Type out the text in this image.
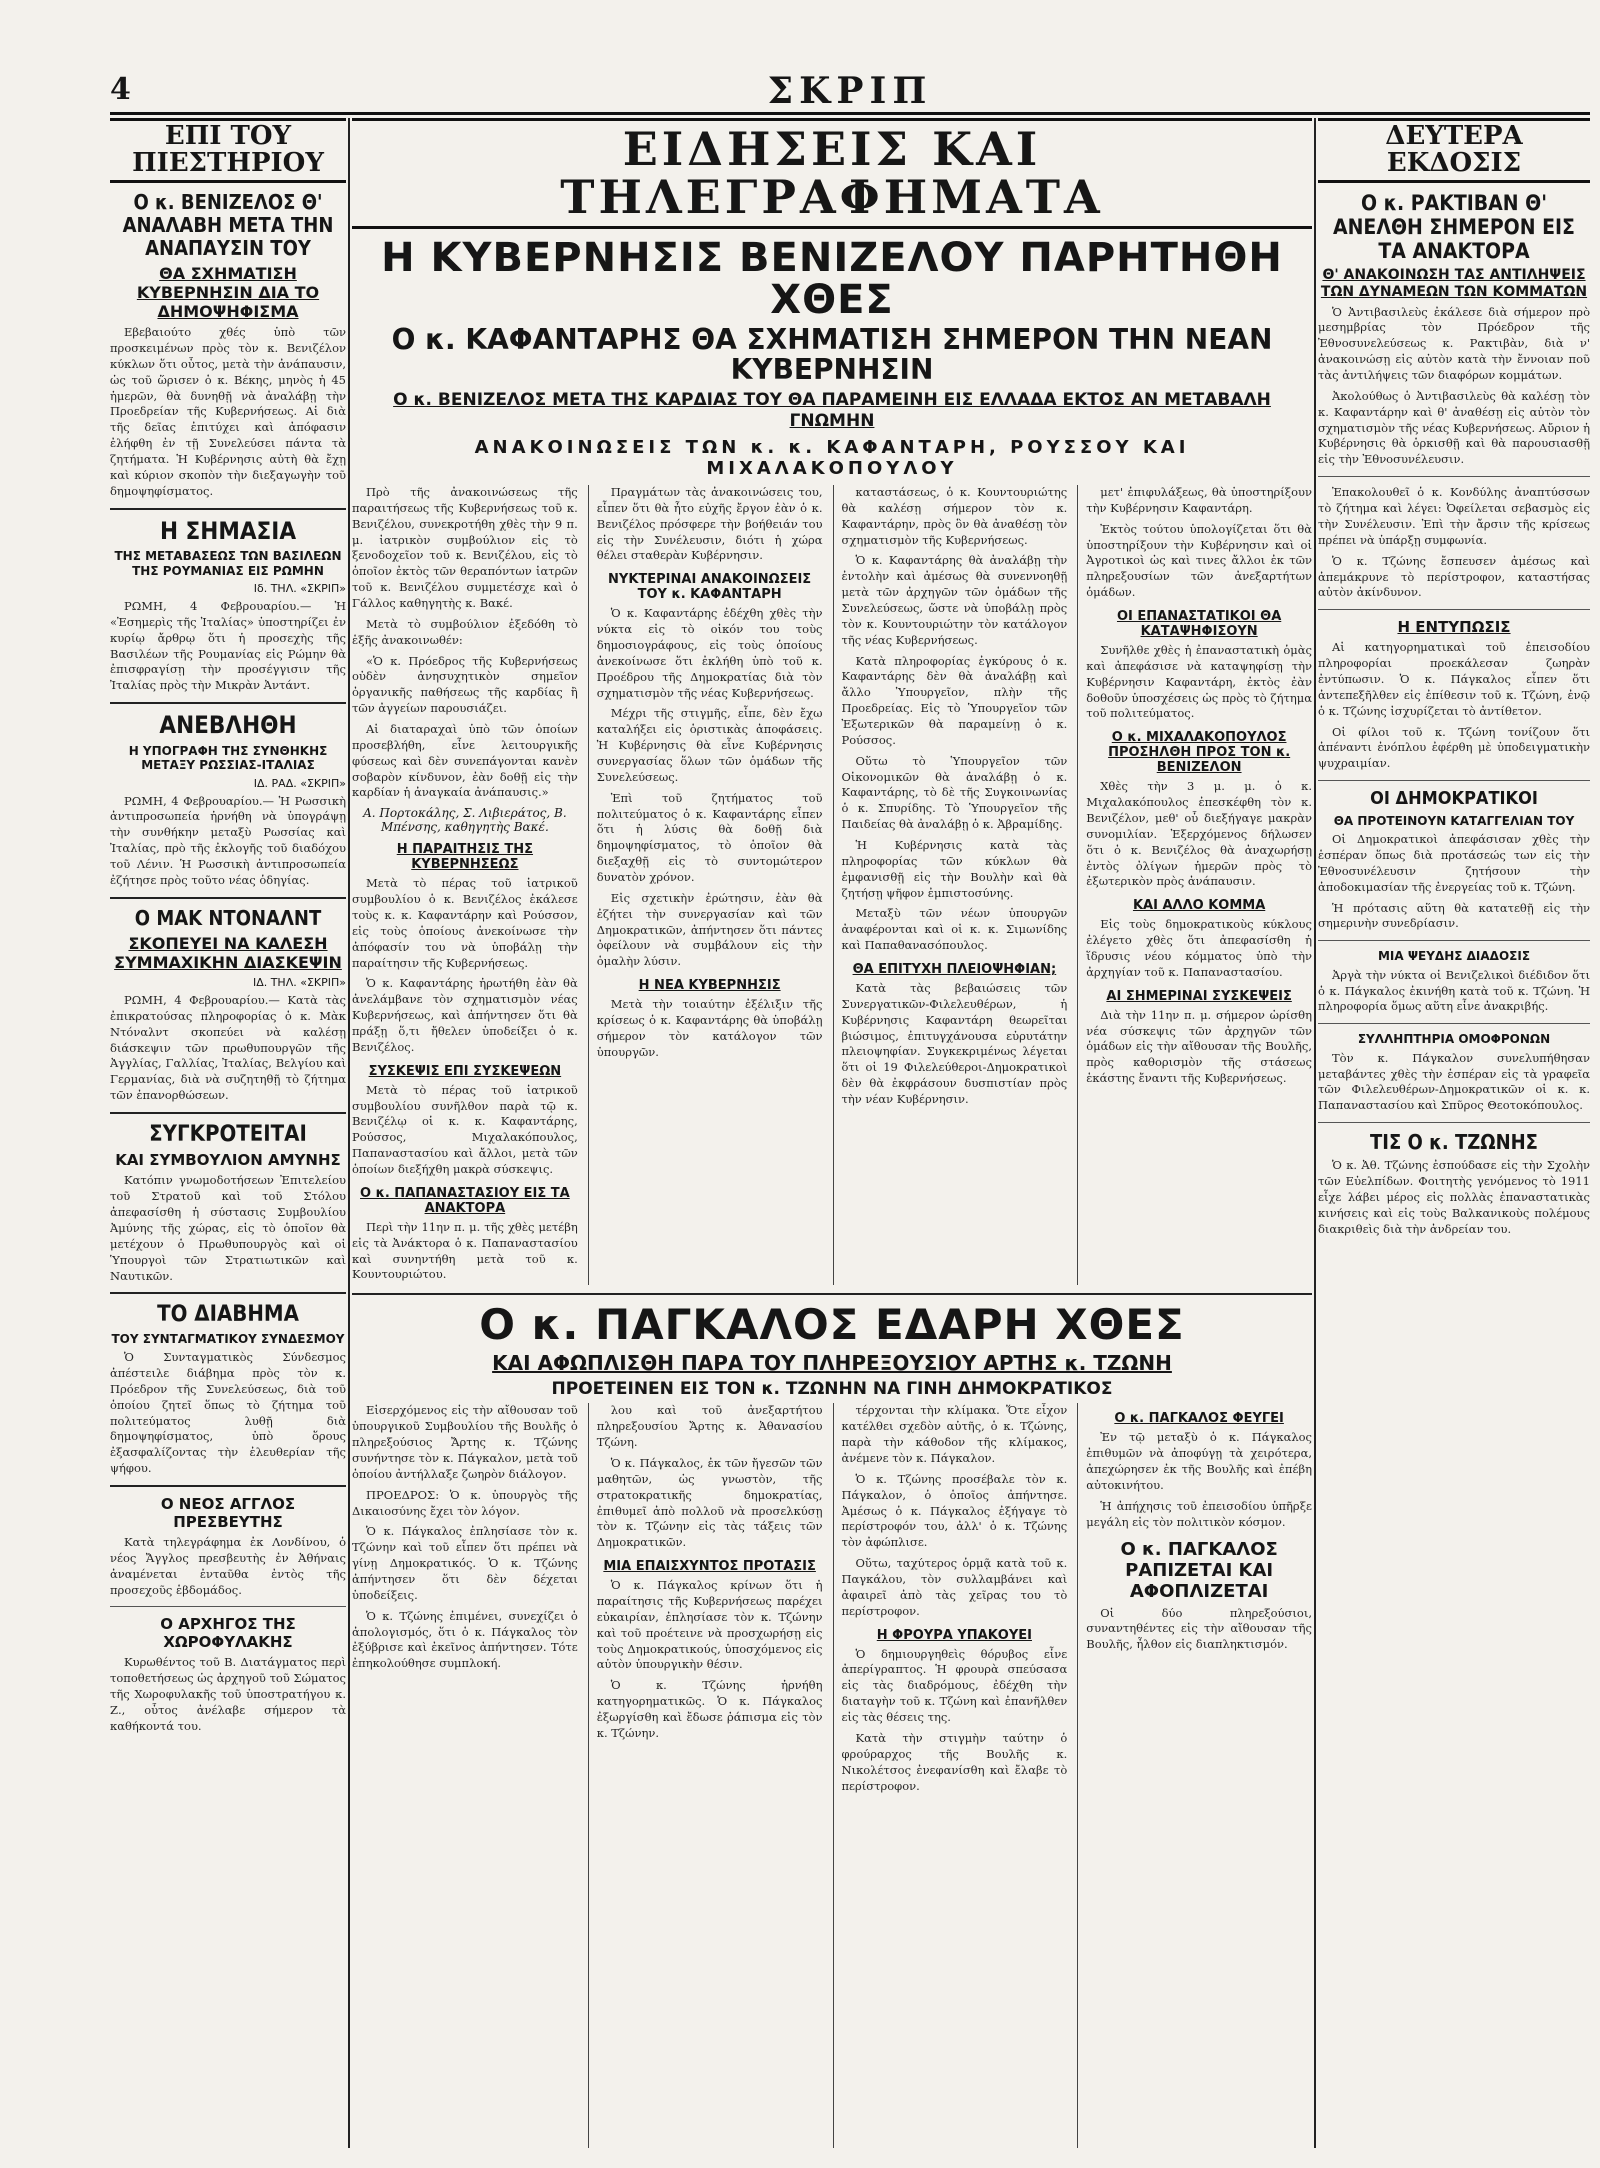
4	ΣΚΡΙΠ
ΕΠΙ ΤΟΥ ΠΙΕΣΤΗΡΙΟΥ
Ο κ. ΒΕΝΙΖΕΛΟΣ Θ' ΑΝΑΛΑΒΗ ΜΕΤΑ ΤΗΝ ΑΝΑΠΑΥΣΙΝ ΤΟΥ
ΘΑ ΣΧΗΜΑΤΙΣΗ ΚΥΒΕΡΝΗΣΙΝ ΔΙΑ ΤΟ ΔΗΜΟΨΗΦΙΣΜΑ

Εβεβαιούτο χθές ὑπὸ τῶν προσκειμένων πρὸς τὸν κ. Βενιζέλον κύκλων ὅτι οὗτος, μετὰ τὴν ἀνάπαυσιν, ὡς τοῦ ὥρισεν ὁ κ. Βέκης, μηνὸς ἡ 45 ἡμερῶν, θὰ δυνηθῇ νὰ ἀναλάβῃ τὴν Προεδρείαν τῆς Κυβερνήσεως. Αἱ διὰ τῆς δεῖας ἐπιτύχει καὶ ἀπόφασιν ἐλήφθη ἐν τῇ Συνελεύσει πάντα τὰ ζητήματα. Ἡ Κυβέρνησις αὐτὴ θὰ ἔχῃ καὶ κύριον σκοπὸν τὴν διεξαγωγὴν τοῦ δημοψηφίσματος.

Η ΣΗΜΑΣΙΑ
ΤΗΣ ΜΕΤΑΒΑΣΕΩΣ ΤΩΝ ΒΑΣΙΛΕΩΝ ΤΗΣ ΡΟΥΜΑΝΙΑΣ ΕΙΣ ΡΩΜΗΝ
Ιδ. ΤΗΛ. «ΣΚΡΙΠ»

ΡΩΜΗ, 4 Φεβρουαρίου.— Ἡ «Ἐσημερὶς τῆς Ἰταλίας» ὑποστηρίζει ἐν κυρίῳ ἄρθρῳ ὅτι ἡ προσεχὴς τῆς Βασιλέων τῆς Ρουμανίας εἰς Ρώμην θὰ ἐπισφραγίσῃ τὴν προσέγγισιν τῆς Ἰταλίας πρὸς τὴν Μικρὰν Ἀντάντ.

ΑΝΕΒΛΗΘΗ
Η ΥΠΟΓΡΑΦΗ ΤΗΣ ΣΥΝΘΗΚΗΣ ΜΕΤΑΞΥ ΡΩΣΣΙΑΣ-ΙΤΑΛΙΑΣ
ΙΔ. ΡΑΔ. «ΣΚΡΙΠ»

ΡΩΜΗ, 4 Φεβρουαρίου.— Ἡ Ρωσσικὴ ἀντιπροσωπεία ἠρνήθη νὰ ὑπογράψῃ τὴν συνθήκην μεταξὺ Ρωσσίας καὶ Ἰταλίας, πρὸ τῆς ἐκλογῆς τοῦ διαδόχου τοῦ Λένιν. Ἡ Ρωσσικὴ ἀντιπροσωπεία ἐζήτησε πρὸς τοῦτο νέας ὁδηγίας.

Ο ΜΑΚ ΝΤΟΝΑΛΝΤ
ΣΚΟΠΕΥΕΙ ΝΑ ΚΑΛΕΣΗ ΣΥΜΜΑΧΙΚΗΝ ΔΙΑΣΚΕΨΙΝ
ΙΔ. ΤΗΛ. «ΣΚΡΙΠ»

ΡΩΜΗ, 4 Φεβρουαρίου.— Κατὰ τὰς ἐπικρατούσας πληροφορίας ὁ κ. Μὰκ Ντόναλντ σκοπεύει νὰ καλέσῃ διάσκεψιν τῶν πρωθυπουργῶν τῆς Ἀγγλίας, Γαλλίας, Ἰταλίας, Βελγίου καὶ Γερμανίας, διὰ νὰ συζητηθῇ τὸ ζήτημα τῶν ἐπανορθώσεων.

ΣΥΓΚΡΟΤΕΙΤΑΙ
ΚΑΙ ΣΥΜΒΟΥΛΙΟΝ ΑΜΥΝΗΣ

Κατόπιν γνωμοδοτήσεων Ἐπιτελείου τοῦ Στρατοῦ καὶ τοῦ Στόλου ἀπεφασίσθη ἡ σύστασις Συμβουλίου Ἀμύνης τῆς χώρας, εἰς τὸ ὁποῖον θὰ μετέχουν ὁ Πρωθυπουργὸς καὶ οἱ Ὑπουργοὶ τῶν Στρατιωτικῶν καὶ Ναυτικῶν.

ΤΟ ΔΙΑΒΗΜΑ
ΤΟΥ ΣΥΝΤΑΓΜΑΤΙΚΟΥ ΣΥΝΔΕΣΜΟΥ

Ὁ Συνταγματικὸς Σύνδεσμος ἀπέστειλε διάβημα πρὸς τὸν κ. Πρόεδρον τῆς Συνελεύσεως, διὰ τοῦ ὁποίου ζητεῖ ὅπως τὸ ζήτημα τοῦ πολιτεύματος λυθῇ διὰ δημοψηφίσματος, ὑπὸ ὅρους ἐξασφαλίζοντας τὴν ἐλευθερίαν τῆς ψήφου.

Ο ΝΕΟΣ ΑΓΓΛΟΣ ΠΡΕΣΒΕΥΤΗΣ

Κατὰ τηλεγράφημα ἐκ Λονδίνου, ὁ νέος Ἄγγλος πρεσβευτὴς ἐν Ἀθήναις ἀναμένεται ἐνταῦθα ἐντὸς τῆς προσεχοῦς ἑβδομάδος.

Ο ΑΡΧΗΓΟΣ ΤΗΣ ΧΩΡΟΦΥΛΑΚΗΣ

Κυρωθέντος τοῦ Β. Διατάγματος περὶ τοποθετήσεως ὡς ἀρχηγοῦ τοῦ Σώματος τῆς Χωροφυλακῆς τοῦ ὑποστρατήγου κ. Ζ., οὗτος ἀνέλαβε σήμερον τὰ καθήκοντά του.

ΕΙΔΗΣΕΙΣ ΚΑΙ ΤΗΛΕΓΡΑΦΗΜΑΤΑ
Η ΚΥΒΕΡΝΗΣΙΣ ΒΕΝΙΖΕΛΟΥ ΠΑΡΗΤΗΘΗ ΧΘΕΣ
Ο κ. ΚΑΦΑΝΤΑΡΗΣ ΘΑ ΣΧΗΜΑΤΙΣΗ ΣΗΜΕΡΟΝ ΤΗΝ ΝΕΑΝ ΚΥΒΕΡΝΗΣΙΝ
Ο κ. ΒΕΝΙΖΕΛΟΣ ΜΕΤΑ ΤΗΣ ΚΑΡΔΙΑΣ ΤΟΥ ΘΑ ΠΑΡΑΜΕΙΝΗ ΕΙΣ ΕΛΛΑΔΑ ΕΚΤΟΣ ΑΝ ΜΕΤΑΒΑΛΗ ΓΝΩΜΗΝ
ΑΝΑΚΟΙΝΩΣΕΙΣ ΤΩΝ κ. κ. ΚΑΦΑΝΤΑΡΗ, ΡΟΥΣΣΟΥ ΚΑΙ ΜΙΧΑΛΑΚΟΠΟΥΛΟΥ

Πρὸ τῆς ἀνακοινώσεως τῆς παραιτήσεως τῆς Κυβερνήσεως τοῦ κ. Βενιζέλου, συνεκροτήθη χθὲς τὴν 9 π. μ. ἰατρικὸν συμβούλιον εἰς τὸ ξενοδοχεῖον τοῦ κ. Βενιζέλου, εἰς τὸ ὁποῖον ἐκτὸς τῶν θεραπόντων ἰατρῶν τοῦ κ. Βενιζέλου συμμετέσχε καὶ ὁ Γάλλος καθηγητὴς κ. Βακέ.

Μετὰ τὸ συμβούλιον ἐξεδόθη τὸ ἑξῆς ἀνακοινωθέν:

«Ὁ κ. Πρόεδρος τῆς Κυβερνήσεως οὐδὲν ἀνησυχητικὸν σημεῖον ὀργανικῆς παθήσεως τῆς καρδίας ἢ τῶν ἀγγείων παρουσιάζει.

Αἱ διαταραχαὶ ὑπὸ τῶν ὁποίων προσεβλήθη, εἶνε λειτουργικῆς φύσεως καὶ δὲν συνεπάγονται κανὲν σοβαρὸν κίνδυνον, ἐὰν δοθῇ εἰς τὴν καρδίαν ἡ ἀναγκαία ἀνάπαυσις.»

Α. Πορτοκάλης, Σ. Λιβιεράτος, Β. Μπένσης, καθηγητὴς Βακέ.
Η ΠΑΡΑΙΤΗΣΙΣ ΤΗΣ ΚΥΒΕΡΝΗΣΕΩΣ

Μετὰ τὸ πέρας τοῦ ἰατρικοῦ συμβουλίου ὁ κ. Βενιζέλος ἐκάλεσε τοὺς κ. κ. Καφαντάρην καὶ Ρούσσον, εἰς τοὺς ὁποίους ἀνεκοίνωσε τὴν ἀπόφασίν του νὰ ὑποβάλῃ τὴν παραίτησιν τῆς Κυβερνήσεως.

Ὁ κ. Καφαντάρης ἠρωτήθη ἐὰν θὰ ἀνελάμβανε τὸν σχηματισμὸν νέας Κυβερνήσεως, καὶ ἀπήντησεν ὅτι θὰ πράξῃ ὅ,τι ἤθελεν ὑποδείξει ὁ κ. Βενιζέλος.

ΣΥΣΚΕΨΙΣ ΕΠΙ ΣΥΣΚΕΨΕΩΝ

Μετὰ τὸ πέρας τοῦ ἰατρικοῦ συμβουλίου συνῆλθον παρὰ τῷ κ. Βενιζέλῳ οἱ κ. κ. Καφαντάρης, Ρούσσος, Μιχαλακόπουλος, Παπαναστασίου καὶ ἄλλοι, μετὰ τῶν ὁποίων διεξήχθη μακρὰ σύσκεψις.

Ο κ. ΠΑΠΑΝΑΣΤΑΣΙΟΥ ΕΙΣ ΤΑ ΑΝΑΚΤΟΡΑ

Περὶ τὴν 11ην π. μ. τῆς χθὲς μετέβη εἰς τὰ Ἀνάκτορα ὁ κ. Παπαναστασίου καὶ συνηντήθη μετὰ τοῦ κ. Κουντουριώτου.

Πραγμάτων τὰς ἀνακοινώσεις του, εἶπεν ὅτι θὰ ἦτο εὐχῆς ἔργον ἐὰν ὁ κ. Βενιζέλος πρόσφερε τὴν βοήθειάν του εἰς τὴν Συνέλευσιν, διότι ἡ χώρα θέλει σταθερὰν Κυβέρνησιν.

ΝΥΚΤΕΡΙΝΑΙ ΑΝΑΚΟΙΝΩΣΕΙΣ ΤΟΥ κ. ΚΑΦΑΝΤΑΡΗ

Ὁ κ. Καφαντάρης ἐδέχθη χθὲς τὴν νύκτα εἰς τὸ οἰκόν του τοὺς δημοσιογράφους, εἰς τοὺς ὁποίους ἀνεκοίνωσε ὅτι ἐκλήθη ὑπὸ τοῦ κ. Προέδρου τῆς Δημοκρατίας διὰ τὸν σχηματισμὸν τῆς νέας Κυβερνήσεως.

Μέχρι τῆς στιγμῆς, εἶπε, δὲν ἔχω καταλήξει εἰς ὁριστικὰς ἀποφάσεις. Ἡ Κυβέρνησις θὰ εἶνε Κυβέρνησις συνεργασίας ὅλων τῶν ὁμάδων τῆς Συνελεύσεως.

Ἐπὶ τοῦ ζητήματος τοῦ πολιτεύματος ὁ κ. Καφαντάρης εἶπεν ὅτι ἡ λύσις θὰ δοθῇ διὰ δημοψηφίσματος, τὸ ὁποῖον θὰ διεξαχθῇ εἰς τὸ συντομώτερον δυνατὸν χρόνον.

Εἰς σχετικὴν ἐρώτησιν, ἐὰν θὰ ἐζήτει τὴν συνεργασίαν καὶ τῶν Δημοκρατικῶν, ἀπήντησεν ὅτι πάντες ὀφείλουν νὰ συμβάλουν εἰς τὴν ὁμαλὴν λύσιν.

Η ΝΕΑ ΚΥΒΕΡΝΗΣΙΣ

Μετὰ τὴν τοιαύτην ἐξέλιξιν τῆς κρίσεως ὁ κ. Καφαντάρης θὰ ὑποβάλῃ σήμερον τὸν κατάλογον τῶν ὑπουργῶν.

καταστάσεως, ὁ κ. Κουντουριώτης θὰ καλέσῃ σήμερον τὸν κ. Καφαντάρην, πρὸς ὃν θὰ ἀναθέσῃ τὸν σχηματισμὸν τῆς Κυβερνήσεως.

Ὁ κ. Καφαντάρης θὰ ἀναλάβῃ τὴν ἐντολὴν καὶ ἀμέσως θὰ συνεννοηθῇ μετὰ τῶν ἀρχηγῶν τῶν ὁμάδων τῆς Συνελεύσεως, ὥστε νὰ ὑποβάλῃ πρὸς τὸν κ. Κουντουριώτην τὸν κατάλογον τῆς νέας Κυβερνήσεως.

Κατὰ πληροφορίας ἐγκύρους ὁ κ. Καφαντάρης δὲν θὰ ἀναλάβῃ καὶ ἄλλο Ὑπουργεῖον, πλὴν τῆς Προεδρείας. Εἰς τὸ Ὑπουργεῖον τῶν Ἐξωτερικῶν θὰ παραμείνῃ ὁ κ. Ρούσσος.

Οὕτω τὸ Ὑπουργεῖον τῶν Οἰκονομικῶν θὰ ἀναλάβῃ ὁ κ. Καφαντάρης, τὸ δὲ τῆς Συγκοινωνίας ὁ κ. Σπυρίδης. Τὸ Ὑπουργεῖον τῆς Παιδείας θὰ ἀναλάβῃ ὁ κ. Ἀβραμίδης.

Ἡ Κυβέρνησις κατὰ τὰς πληροφορίας τῶν κύκλων θὰ ἐμφανισθῇ εἰς τὴν Βουλὴν καὶ θὰ ζητήσῃ ψῆφον ἐμπιστοσύνης.

Μεταξὺ τῶν νέων ὑπουργῶν ἀναφέρονται καὶ οἱ κ. κ. Σιμωνίδης καὶ Παπαθανασόπουλος.

ΘΑ ΕΠΙΤΥΧΗ ΠΛΕΙΟΨΗΦΙΑΝ;

Κατὰ τὰς βεβαιώσεις τῶν Συνεργατικῶν-Φιλελευθέρων, ἡ Κυβέρνησις Καφαντάρη θεωρεῖται βιώσιμος, ἐπιτυγχάνουσα εὐρυτάτην πλειοψηφίαν. Συγκεκριμένως λέγεται ὅτι οἱ 19 Φιλελεύθεροι-Δημοκρατικοὶ δὲν θὰ ἐκφράσουν δυσπιστίαν πρὸς τὴν νέαν Κυβέρνησιν.

μετ' ἐπιφυλάξεως, θὰ ὑποστηρίξουν τὴν Κυβέρνησιν Καφαντάρη.

Ἐκτὸς τούτου ὑπολογίζεται ὅτι θὰ ὑποστηρίξουν τὴν Κυβέρνησιν καὶ οἱ Ἀγροτικοὶ ὡς καὶ τινες ἄλλοι ἐκ τῶν πληρεξουσίων τῶν ἀνεξαρτήτων ὁμάδων.

ΟΙ ΕΠΑΝΑΣΤΑΤΙΚΟΙ ΘΑ ΚΑΤΑΨΗΦΙΣΟΥΝ

Συνῆλθε χθὲς ἡ ἐπαναστατικὴ ὁμὰς καὶ ἀπεφάσισε νὰ καταψηφίσῃ τὴν Κυβέρνησιν Καφαντάρη, ἐκτὸς ἐὰν δοθοῦν ὑποσχέσεις ὡς πρὸς τὸ ζήτημα τοῦ πολιτεύματος.

Ο κ. ΜΙΧΑΛΑΚΟΠΟΥΛΟΣ ΠΡΟΣΗΛΘΗ ΠΡΟΣ ΤΟΝ κ. ΒΕΝΙΖΕΛΟΝ

Χθὲς τὴν 3 μ. μ. ὁ κ. Μιχαλακόπουλος ἐπεσκέφθη τὸν κ. Βενιζέλον, μεθ' οὗ διεξήγαγε μακρὰν συνομιλίαν. Ἐξερχόμενος δήλωσεν ὅτι ὁ κ. Βενιζέλος θὰ ἀναχωρήσῃ ἐντὸς ὀλίγων ἡμερῶν πρὸς τὸ ἐξωτερικὸν πρὸς ἀνάπαυσιν.

ΚΑΙ ΑΛΛΟ ΚΟΜΜΑ

Εἰς τοὺς δημοκρατικοὺς κύκλους ἐλέγετο χθὲς ὅτι ἀπεφασίσθη ἡ ἵδρυσις νέου κόμματος ὑπὸ τὴν ἀρχηγίαν τοῦ κ. Παπαναστασίου.

ΑΙ ΣΗΜΕΡΙΝΑΙ ΣΥΣΚΕΨΕΙΣ

Διὰ τὴν 11ην π. μ. σήμερον ὡρίσθη νέα σύσκεψις τῶν ἀρχηγῶν τῶν ὁμάδων εἰς τὴν αἴθουσαν τῆς Βουλῆς, πρὸς καθορισμὸν τῆς στάσεως ἑκάστης ἔναντι τῆς Κυβερνήσεως.

Ο κ. ΠΑΓΚΑΛΟΣ ΕΔΑΡΗ ΧΘΕΣ
ΚΑΙ ΑΦΩΠΛΙΣΘΗ ΠΑΡΑ ΤΟΥ ΠΛΗΡΕΞΟΥΣΙΟΥ ΑΡΤΗΣ κ. ΤΖΩΝΗ
ΠΡΟΕΤΕΙΝΕΝ ΕΙΣ ΤΟΝ κ. ΤΖΩΝΗΝ ΝΑ ΓΙΝΗ ΔΗΜΟΚΡΑΤΙΚΟΣ

Εἰσερχόμενος εἰς τὴν αἴθουσαν τοῦ ὑπουργικοῦ Συμβουλίου τῆς Βουλῆς ὁ πληρεξούσιος Ἄρτης κ. Τζώνης συνήντησε τὸν κ. Πάγκαλον, μετὰ τοῦ ὁποίου ἀντήλλαξε ζωηρὸν διάλογον.

ΠΡΟΕΔΡΟΣ: Ὁ κ. ὑπουργὸς τῆς Δικαιοσύνης ἔχει τὸν λόγον.

Ὁ κ. Πάγκαλος ἐπλησίασε τὸν κ. Τζώνην καὶ τοῦ εἶπεν ὅτι πρέπει νὰ γίνῃ Δημοκρατικός. Ὁ κ. Τζώνης ἀπήντησεν ὅτι δὲν δέχεται ὑποδείξεις.

Ὁ κ. Τζώνης ἐπιμένει, συνεχίζει ὁ ἀπολογισμός, ὅτι ὁ κ. Πάγκαλος τὸν ἐξύβρισε καὶ ἐκεῖνος ἀπήντησεν. Τότε ἐπηκολούθησε συμπλοκή.

λου καὶ τοῦ ἀνεξαρτήτου πληρεξουσίου Ἄρτης κ. Ἀθανασίου Τζώνη.

Ὁ κ. Πάγκαλος, ἐκ τῶν ἤγεσῶν τῶν μαθητῶν, ὡς γνωστὸν, τῆς στρατοκρατικῆς δημοκρατίας, ἐπιθυμεῖ ἀπὸ πολλοῦ νὰ προσελκύσῃ τὸν κ. Τζώνην εἰς τὰς τάξεις τῶν Δημοκρατικῶν.

ΜΙΑ ΕΠΑΙΣΧΥΝΤΟΣ ΠΡΟΤΑΣΙΣ

Ὁ κ. Πάγκαλος κρίνων ὅτι ἡ παραίτησις τῆς Κυβερνήσεως παρέχει εὐκαιρίαν, ἐπλησίασε τὸν κ. Τζώνην καὶ τοῦ προέτεινε νὰ προσχωρήσῃ εἰς τοὺς Δημοκρατικούς, ὑποσχόμενος εἰς αὐτὸν ὑπουργικὴν θέσιν.

Ὁ κ. Τζώνης ἠρνήθη κατηγορηματικῶς. Ὁ κ. Πάγκαλος ἐξωργίσθη καὶ ἔδωσε ῥάπισμα εἰς τὸν κ. Τζώνην.

τέρχονται τὴν κλίμακα. Ὅτε εἶχον κατέλθει σχεδὸν αὐτῆς, ὁ κ. Τζώνης, παρὰ τὴν κάθοδον τῆς κλίμακος, ἀνέμενε τὸν κ. Πάγκαλον.

Ὁ κ. Τζώνης προσέβαλε τὸν κ. Πάγκαλον, ὁ ὁποῖος ἀπήντησε. Ἀμέσως ὁ κ. Πάγκαλος ἐξήγαγε τὸ περίστροφόν του, ἀλλ' ὁ κ. Τζώνης τὸν ἀφώπλισε.

Οὕτω, ταχύτερος ὁρμᾷ κατὰ τοῦ κ. Παγκάλου, τὸν συλλαμβάνει καὶ ἀφαιρεῖ ἀπὸ τὰς χεῖρας του τὸ περίστροφον.

Η ΦΡΟΥΡΑ ΥΠΑΚΟΥΕΙ

Ὁ δημιουργηθεὶς θόρυβος εἶνε ἀπερίγραπτος. Ἡ φρουρὰ σπεύσασα εἰς τὰς διαδρόμους, ἐδέχθη τὴν διαταγὴν τοῦ κ. Τζώνη καὶ ἐπανῆλθεν εἰς τὰς θέσεις της.

Κατὰ τὴν στιγμὴν ταύτην ὁ φρούραρχος τῆς Βουλῆς κ. Νικολέτσος ἐνεφανίσθη καὶ ἔλαβε τὸ περίστροφον.

Ο κ. ΠΑΓΚΑΛΟΣ ΦΕΥΓΕΙ

Ἐν τῷ μεταξὺ ὁ κ. Πάγκαλος ἐπιθυμῶν νὰ ἀποφύγῃ τὰ χειρότερα, ἀπεχώρησεν ἐκ τῆς Βουλῆς καὶ ἐπέβη αὐτοκινήτου.

Ἡ ἀπήχησις τοῦ ἐπεισοδίου ὑπῆρξε μεγάλη εἰς τὸν πολιτικὸν κόσμον.

Ο κ. ΠΑΓΚΑΛΟΣ ΡΑΠΙΖΕΤΑΙ ΚΑΙ ΑΦΟΠΛΙΖΕΤΑΙ

Οἱ δύο πληρεξούσιοι, συναντηθέντες εἰς τὴν αἴθουσαν τῆς Βουλῆς, ἦλθον εἰς διαπληκτισμόν.

ΔΕΥΤΕΡΑ ΕΚΔΟΣΙΣ
Ο κ. ΡΑΚΤΙΒΑΝ Θ' ΑΝΕΛΘΗ ΣΗΜΕΡΟΝ ΕΙΣ ΤΑ ΑΝΑΚΤΟΡΑ
Θ' ΑΝΑΚΟΙΝΩΣΗ ΤΑΣ ΑΝΤΙΛΗΨΕΙΣ ΤΩΝ ΔΥΝΑΜΕΩΝ ΤΩΝ ΚΟΜΜΑΤΩΝ

Ὁ Ἀντιβασιλεὺς ἐκάλεσε διὰ σήμερον πρὸ μεσημβρίας τὸν Πρόεδρον τῆς Ἐθνοσυνελεύσεως κ. Ρακτιβὰν, διὰ ν' ἀνακοινώσῃ εἰς αὐτὸν κατὰ τὴν ἔννοιαν ποῦ τὰς ἀντιλήψεις τῶν διαφόρων κομμάτων.

Ἀκολούθως ὁ Ἀντιβασιλεὺς θὰ καλέσῃ τὸν κ. Καφαντάρην καὶ θ' ἀναθέσῃ εἰς αὐτὸν τὸν σχηματισμὸν τῆς νέας Κυβερνήσεως. Αὔριον ἡ Κυβέρνησις θὰ ὁρκισθῇ καὶ θὰ παρουσιασθῇ εἰς τὴν Ἐθνοσυνέλευσιν.

Ἐπακολουθεῖ ὁ κ. Κονδύλης ἀναπτύσσων τὸ ζήτημα καὶ λέγει: Ὀφείλεται σεβασμὸς εἰς τὴν Συνέλευσιν. Ἐπὶ τὴν ἄρσιν τῆς κρίσεως πρέπει νὰ ὑπάρξῃ συμφωνία.

Ὁ κ. Τζώνης ἔσπευσεν ἀμέσως καὶ ἀπεμάκρυνε τὸ περίστροφον, καταστήσας αὐτὸν ἀκίνδυνον.

Η ΕΝΤΥΠΩΣΙΣ

Αἱ κατηγορηματικαὶ τοῦ ἐπεισοδίου πληροφορίαι προεκάλεσαν ζωηρὰν ἐντύπωσιν. Ὁ κ. Πάγκαλος εἶπεν ὅτι ἀντεπεξῆλθεν εἰς ἐπίθεσιν τοῦ κ. Τζώνη, ἐνῷ ὁ κ. Τζώνης ἰσχυρίζεται τὸ ἀντίθετον.

Οἱ φίλοι τοῦ κ. Τζώνη τονίζουν ὅτι ἀπέναντι ἐνόπλου ἐφέρθη μὲ ὑποδειγματικὴν ψυχραιμίαν.

ΟΙ ΔΗΜΟΚΡΑΤΙΚΟΙ
ΘΑ ΠΡΟΤΕΙΝΟΥΝ ΚΑΤΑΓΓΕΛΙΑΝ ΤΟΥ

Οἱ Δημοκρατικοὶ ἀπεφάσισαν χθὲς τὴν ἑσπέραν ὅπως διὰ προτάσεώς των εἰς τὴν Ἐθνοσυνέλευσιν ζητήσουν τὴν ἀποδοκιμασίαν τῆς ἐνεργείας τοῦ κ. Τζώνη.

Ἡ πρότασις αὕτη θὰ κατατεθῇ εἰς τὴν σημερινὴν συνεδρίασιν.

ΜΙΑ ΨΕΥΔΗΣ ΔΙΑΔΟΣΙΣ

Ἀργὰ τὴν νύκτα οἱ Βενιζελικοὶ διέδιδον ὅτι ὁ κ. Πάγκαλος ἐκινήθη κατὰ τοῦ κ. Τζώνη. Ἡ πληροφορία ὅμως αὕτη εἶνε ἀνακριβής.

ΣΥΛΛΗΠΤΗΡΙΑ ΟΜΟΦΡΟΝΩΝ

Τὸν κ. Πάγκαλον συνελυπήθησαν μεταβάντες χθὲς τὴν ἑσπέραν εἰς τὰ γραφεῖα τῶν Φιλελευθέρων-Δημοκρατικῶν οἱ κ. κ. Παπαναστασίου καὶ Σπῦρος Θεοτοκόπουλος.

ΤΙΣ Ο κ. ΤΖΩΝΗΣ

Ὁ κ. Ἀθ. Τζώνης ἐσπούδασε εἰς τὴν Σχολὴν τῶν Εὐελπίδων. Φοιτητὴς γενόμενος τὸ 1911 εἶχε λάβει μέρος εἰς πολλὰς ἐπαναστατικὰς κινήσεις καὶ εἰς τοὺς Βαλκανικοὺς πολέμους διακριθεὶς διὰ τὴν ἀνδρείαν του.
